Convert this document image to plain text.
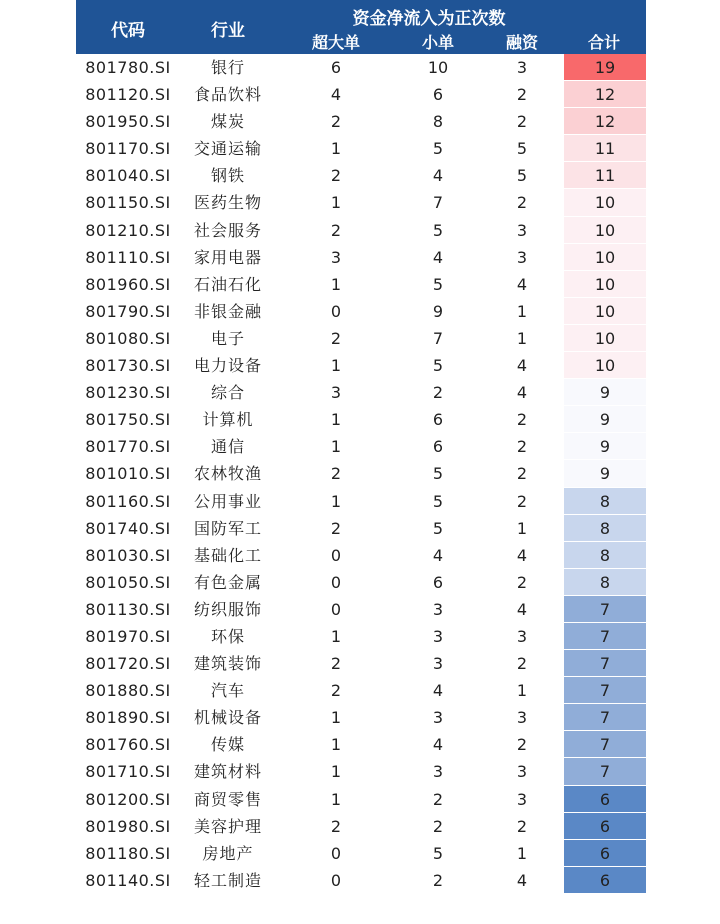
代码	行业
资金净流入为正次数
超大单	小单	融资	合计
801780.SI	银行	6	10	3	19
801120.SI	食品饮料	4	6	2	12
801950.SI	煤炭	2	8	2	12
801170.SI	交通运输	1	5	5	11
801040.SI	钢铁	2	4	5	11
801150.SI	医药生物	1	7	2	10
801210.SI	社会服务	2	5	3	10
801110.SI	家用电器	3	4	3	10
801960.SI	石油石化	1	5	4	10
801790.SI	非银金融	0	9	1	10
801080.SI	电子	2	7	1	10
801730.SI	电力设备	1	5	4	10
801230.SI	综合	3	2	4	9
801750.SI	计算机	1	6	2	9
801770.SI	通信	1	6	2	9
801010.SI	农林牧渔	2	5	2	9
801160.SI	公用事业	1	5	2	8
801740.SI	国防军工	2	5	1	8
801030.SI	基础化工	0	4	4	8
801050.SI	有色金属	0	6	2	8
801130.SI	纺织服饰	0	3	4	7
801970.SI	环保	1	3	3	7
801720.SI	建筑装饰	2	3	2	7
801880.SI	汽车	2	4	1	7
801890.SI	机械设备	1	3	3	7
801760.SI	传媒	1	4	2	7
801710.SI	建筑材料	1	3	3	7
801200.SI	商贸零售	1	2	3	6
801980.SI	美容护理	2	2	2	6
801180.SI	房地产	0	5	1	6
801140.SI	轻工制造	0	2	4	6
